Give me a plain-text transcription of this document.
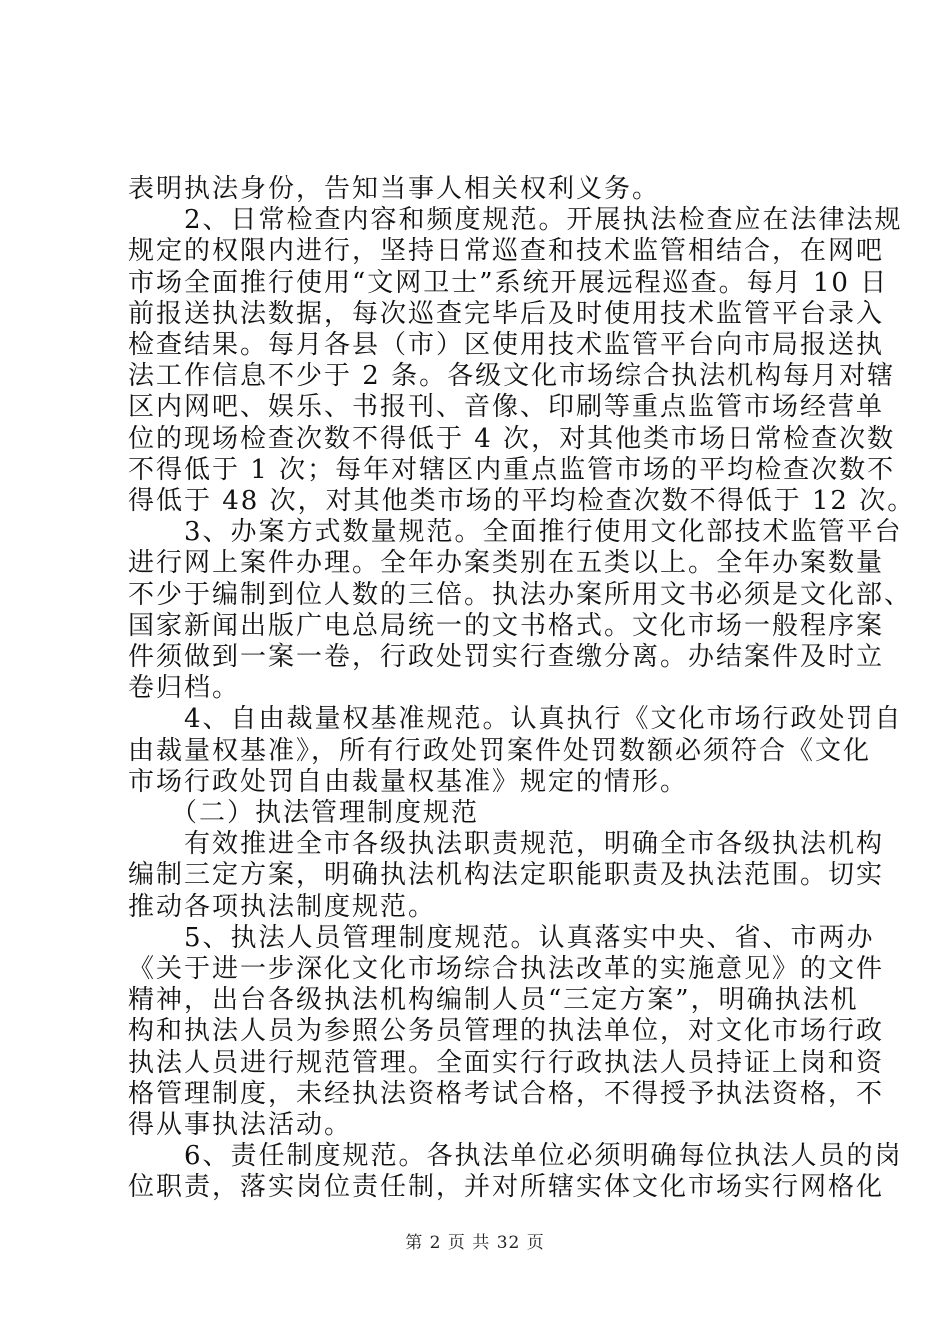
表明执法身份，告知当事人相关权利义务。
　　2、日常检查内容和频度规范。开展执法检查应在法律法规
规定的权限内进行，坚持日常巡查和技术监管相结合，在网吧
市场全面推行使用“文网卫士”系统开展远程巡查。每月 10 日
前报送执法数据，每次巡查完毕后及时使用技术监管平台录入
检查结果。每月各县（市）区使用技术监管平台向市局报送执
法工作信息不少于 2 条。各级文化市场综合执法机构每月对辖
区内网吧、娱乐、书报刊、音像、印刷等重点监管市场经营单
位的现场检查次数不得低于 4 次，对其他类市场日常检查次数
不得低于 1 次；每年对辖区内重点监管市场的平均检查次数不
得低于 48 次，对其他类市场的平均检查次数不得低于 12 次。
　　3、办案方式数量规范。全面推行使用文化部技术监管平台
进行网上案件办理。全年办案类别在五类以上。全年办案数量
不少于编制到位人数的三倍。执法办案所用文书必须是文化部、
国家新闻出版广电总局统一的文书格式。文化市场一般程序案
件须做到一案一卷，行政处罚实行查缴分离。办结案件及时立
卷归档。
　　4、自由裁量权基准规范。认真执行《文化市场行政处罚自
由裁量权基准》，所有行政处罚案件处罚数额必须符合《文化
市场行政处罚自由裁量权基准》规定的情形。
　　（二）执法管理制度规范
　　有效推进全市各级执法职责规范，明确全市各级执法机构
编制三定方案，明确执法机构法定职能职责及执法范围。切实
推动各项执法制度规范。
　　5、执法人员管理制度规范。认真落实中央、省、市两办
《关于进一步深化文化市场综合执法改革的实施意见》的文件
精神，出台各级执法机构编制人员“三定方案”，明确执法机
构和执法人员为参照公务员管理的执法单位，对文化市场行政
执法人员进行规范管理。全面实行行政执法人员持证上岗和资
格管理制度，未经执法资格考试合格，不得授予执法资格，不
得从事执法活动。
　　6、责任制度规范。各执法单位必须明确每位执法人员的岗
位职责，落实岗位责任制，并对所辖实体文化市场实行网格化
第 2 页 共 32 页
